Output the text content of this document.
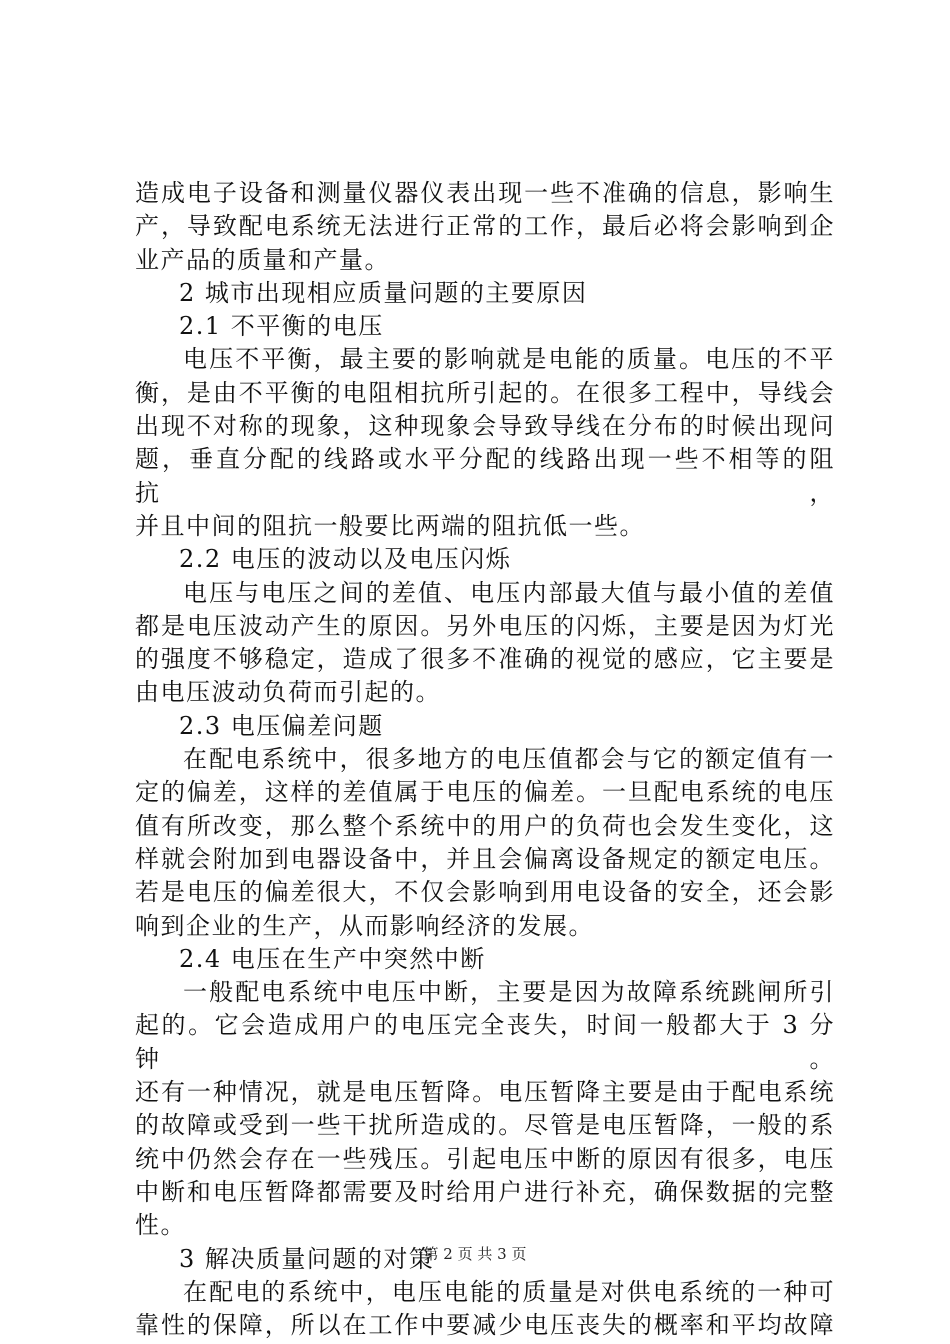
造成电子设备和测量仪器仪表出现一些不准确的信息，影响生
产，导致配电系统无法进行正常的工作，最后必将会影响到企
业产品的质量和产量。
2 城市出现相应质量问题的主要原因
2.1 不平衡的电压
电压不平衡，最主要的影响就是电能的质量。电压的不平
衡，是由不平衡的电阻相抗所引起的。在很多工程中，导线会
出现不对称的现象，这种现象会导致导线在分布的时候出现问
题，垂直分配的线路或水平分配的线路出现一些不相等的阻抗，
并且中间的阻抗一般要比两端的阻抗低一些。
2.2 电压的波动以及电压闪烁
电压与电压之间的差值、电压内部最大值与最小值的差值
都是电压波动产生的原因。另外电压的闪烁，主要是因为灯光
的强度不够稳定，造成了很多不准确的视觉的感应，它主要是
由电压波动负荷而引起的。
2.3 电压偏差问题
在配电系统中，很多地方的电压值都会与它的额定值有一
定的偏差，这样的差值属于电压的偏差。一旦配电系统的电压
值有所改变，那么整个系统中的用户的负荷也会发生变化，这
样就会附加到电器设备中，并且会偏离设备规定的额定电压。
若是电压的偏差很大，不仅会影响到用电设备的安全，还会影
响到企业的生产，从而影响经济的发展。
2.4 电压在生产中突然中断
一般配电系统中电压中断，主要是因为故障系统跳闸所引
起的。它会造成用户的电压完全丧失，时间一般都大于 3 分钟。
还有一种情况，就是电压暂降。电压暂降主要是由于配电系统
的故障或受到一些干扰所造成的。尽管是电压暂降，一般的系
统中仍然会存在一些残压。引起电压中断的原因有很多，电压
中断和电压暂降都需要及时给用户进行补充，确保数据的完整
性。
3 解决质量问题的对策
在配电的系统中，电压电能的质量是对供电系统的一种可
靠性的保障，所以在工作中要减少电压丧失的概率和平均故障
第 2 页 共 3 页
